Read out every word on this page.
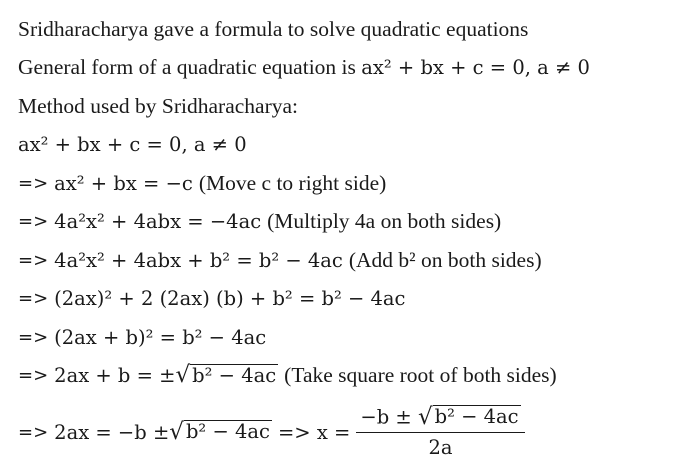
Sridharacharya gave a formula to solve quadratic equations
General form of a quadratic equation is
ax² + bx + c = 0, a ≠ 0
Method used by Sridharacharya:
ax² + bx + c = 0, a ≠ 0
=> ax² + bx = −c (Move c to right side)
=> 4a²x² + 4abx = −4ac (Multiply 4a on both sides)
=> 4a²x² + 4abx + b² = b² − 4ac (Add b² on both sides)
=> (2ax)² + 2 (2ax) (b) + b² = b² − 4ac
=> (2ax + b)² = b² − 4ac
=> 2ax + b = ± √ b² − 4ac (Take square root of both sides)
=> 2ax = −b ± √ $b^2 - 4ac => x = \frac{\text{−b ± √ b² − 4ac}}{2a}$
